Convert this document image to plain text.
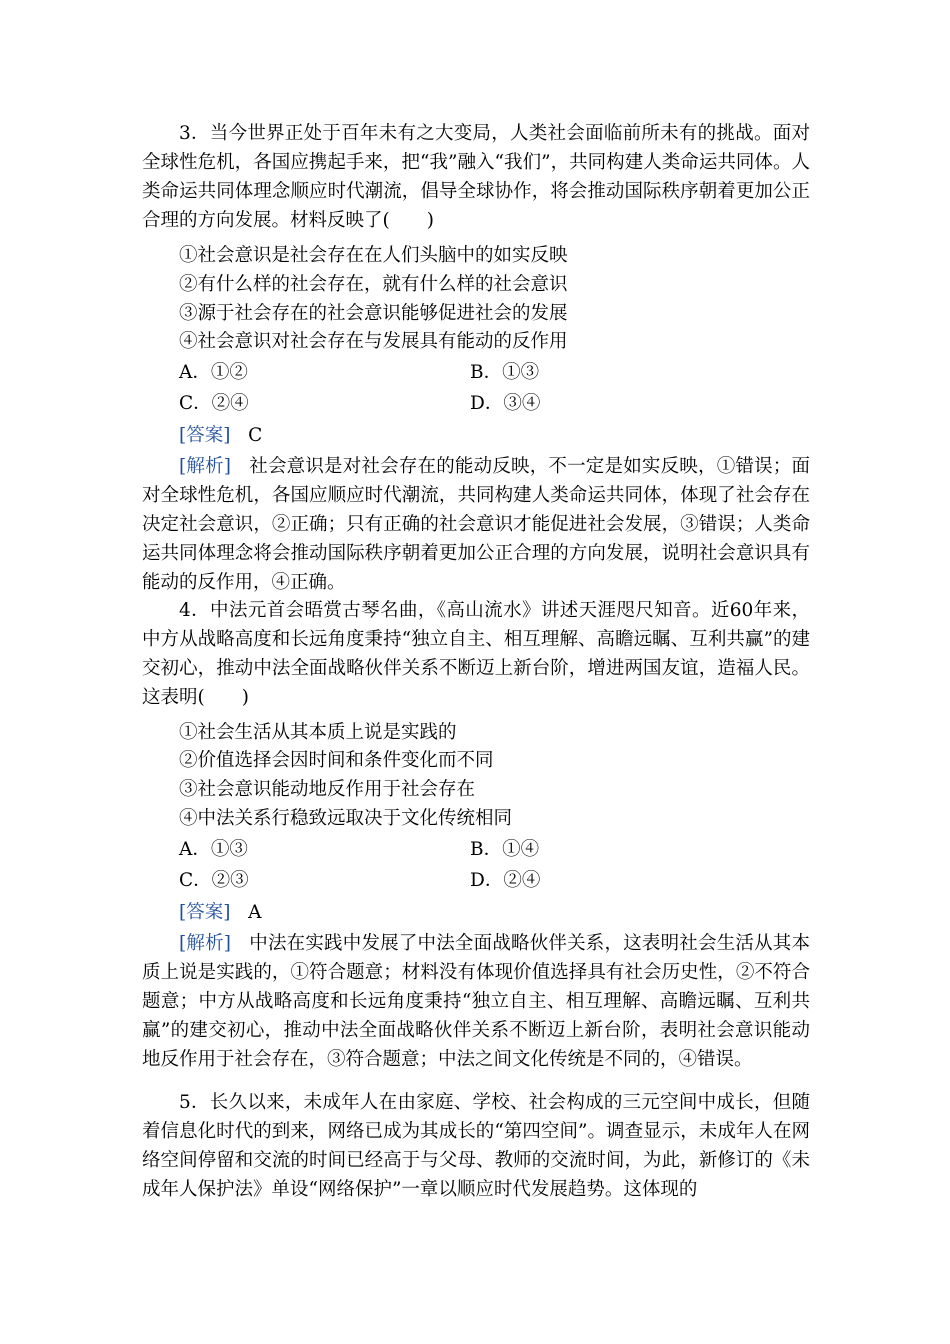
3．当今世界正处于百年未有之大变局，人类社会面临前所未有的挑战。面对全球性危机，各国应携起手来，把“我”融入“我们”，共同构建人类命运共同体。人类命运共同体理念顺应时代潮流，倡导全球协作，将会推动国际秩序朝着更加公正合理的方向发展。材料反映了(　　)

①社会意识是社会存在在人们头脑中的如实反映
②有什么样的社会存在，就有什么样的社会意识
③源于社会存在的社会意识能够促进社会的发展
④社会意识对社会存在与发展具有能动的反作用
A．①②	B．①③
C．②④	D．③④
[答案] C

[解析] 社会意识是对社会存在的能动反映，不一定是如实反映，①错误；面对全球性危机，各国应顺应时代潮流，共同构建人类命运共同体，体现了社会存在决定社会意识，②正确；只有正确的社会意识才能促进社会发展，③错误；人类命运共同体理念将会推动国际秩序朝着更加公正合理的方向发展，说明社会意识具有能动的反作用，④正确。

4．中法元首会晤赏古琴名曲，《高山流水》讲述天涯咫尺知音。近60年来，中方从战略高度和长远角度秉持“独立自主、相互理解、高瞻远瞩、互利共赢”的建交初心，推动中法全面战略伙伴关系不断迈上新台阶，增进两国友谊，造福人民。这表明(　　)

①社会生活从其本质上说是实践的
②价值选择会因时间和条件变化而不同
③社会意识能动地反作用于社会存在
④中法关系行稳致远取决于文化传统相同
A．①③	B．①④
C．②③	D．②④
[答案] A

[解析] 中法在实践中发展了中法全面战略伙伴关系，这表明社会生活从其本质上说是实践的，①符合题意；材料没有体现价值选择具有社会历史性，②不符合题意；中方从战略高度和长远角度秉持“独立自主、相互理解、高瞻远瞩、互利共赢”的建交初心，推动中法全面战略伙伴关系不断迈上新台阶，表明社会意识能动地反作用于社会存在，③符合题意；中法之间文化传统是不同的，④错误。

5．长久以来，未成年人在由家庭、学校、社会构成的三元空间中成长，但随着信息化时代的到来，网络已成为其成长的“第四空间”。调查显示，未成年人在网络空间停留和交流的时间已经高于与父母、教师的交流时间，为此，新修订的《未成年人保护法》单设“网络保护”一章以顺应时代发展趋势。这体现的
